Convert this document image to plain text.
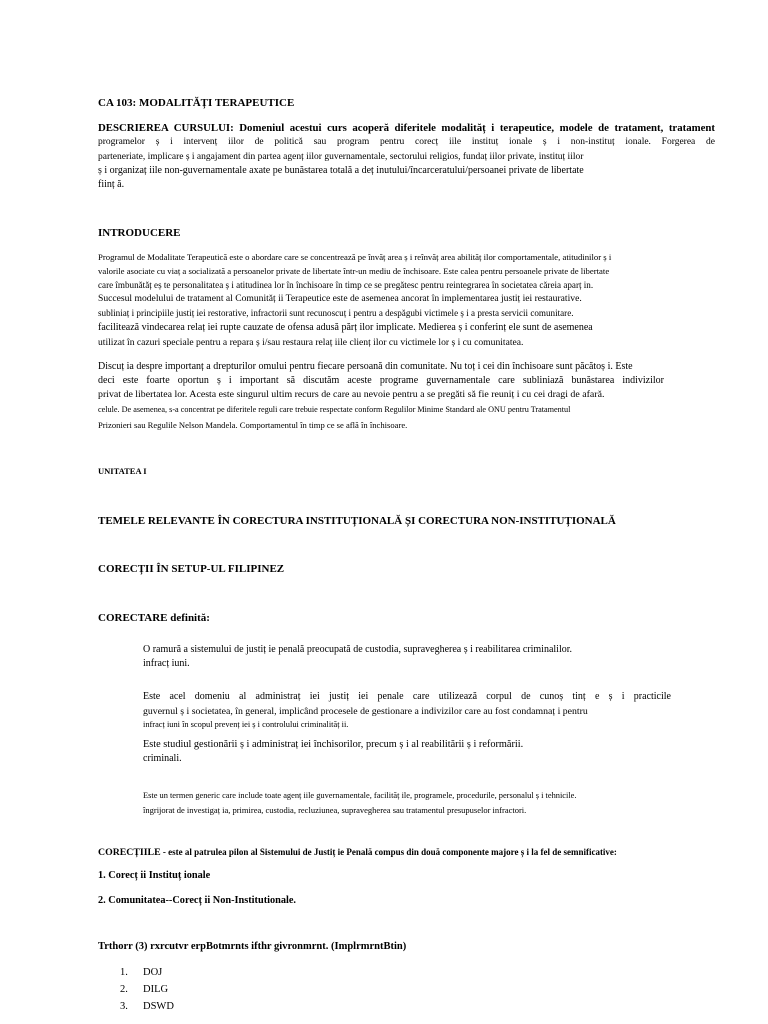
CA 103: MODALITĂȚI TERAPEUTICE
DESCRIEREA CURSULUI: Domeniul acestui curs acoperă diferitele modalităț i terapeutice, modele de tratament, tratament
programelor ș i intervenț iilor de politică sau program pentru corecț iile instituț ionale ș i non-instituț ionale. Forgerea de
parteneriate, implicare ș i angajament din partea agenț iilor guvernamentale, sectorului religios, fundaț iilor private, instituț iilor
ș i organizaț iile non-guvernamentale axate pe bunăstarea totală a deț inutului/încarceratului/persoanei private de libertate
ființ ă.
INTRODUCERE
Programul de Modalitate Terapeutică este o abordare care se concentrează pe învăț area ș i reînvăț area abilităț ilor comportamentale, atitudinilor ș i
valorile asociate cu viaț a socializată a persoanelor private de libertate într-un mediu de închisoare. Este calea pentru persoanele private de libertate
care îmbunătăț eș te personalitatea ș i atitudinea lor în închisoare în timp ce se pregătesc pentru reintegrarea în societatea căreia aparț in.
Succesul modelului de tratament al Comunităț ii Terapeutice este de asemenea ancorat în implementarea justiț iei restaurative.
subliniaț i principiile justiț iei restorative, infractorii sunt recunoscuț i pentru a despăgubi victimele ș i a presta servicii comunitare.
facilitează vindecarea relaț iei rupte cauzate de ofensa adusă părț ilor implicate. Medierea ș i conferinț ele sunt de asemenea
utilizat în cazuri speciale pentru a repara ș i/sau restaura relaț iile clienț ilor cu victimele lor ș i cu comunitatea.
Discuț ia despre importanț a drepturilor omului pentru fiecare persoană din comunitate. Nu toț i cei din închisoare sunt păcătoș i. Este
deci este foarte oportun ș i important să discutăm aceste programe guvernamentale care subliniază bunăstarea indivizilor
privat de libertatea lor. Acesta este singurul ultim recurs de care au nevoie pentru a se pregăti să fie reuniț i cu cei dragi de afară.
celule. De asemenea, s-a concentrat pe diferitele reguli care trebuie respectate conform Regulilor Minime Standard ale ONU pentru Tratamentul
Prizonieri sau Regulile Nelson Mandela. Comportamentul în timp ce se află în închisoare.
UNITATEA I
TEMELE RELEVANTE ÎN CORECTURA INSTITUȚIONALĂ ȘI CORECTURA NON-INSTITUȚIONALĂ
CORECȚII ÎN SETUP-UL FILIPINEZ
CORECTARE definită:
O ramură a sistemului de justiț ie penală preocupată de custodia, supravegherea ș i reabilitarea criminalilor.
infracț iuni.
Este acel domeniu al administraț iei justiț iei penale care utilizează corpul de cunoș tinț e ș i practicile
guvernul ș i societatea, în general, implicând procesele de gestionare a indivizilor care au fost condamnaț i pentru
infracț iuni în scopul prevenț iei ș i controlului criminalităț ii.
Este studiul gestionării ș i administraț iei închisorilor, precum ș i al reabilitării ș i reformării.
criminali.
Este un termen generic care include toate agenț iile guvernamentale, facilităț ile, programele, procedurile, personalul ș i tehnicile.
îngrijorat de investigaț ia, primirea, custodia, recluziunea, supravegherea sau tratamentul presupuselor infractori.
CORECȚIILE - este al patrulea pilon al Sistemului de Justiț ie Penală compus din două componente majore ș i la fel de semnificative:
1. Corecț ii Instituț ionale
2. Comunitatea--Corecț ii Non-Institutionale.
Trthorr (3) rxrcutvr erpBotmrnts ifthr givronmrnt. (ImplrmrntBtin)
1. DOJ
2. DILG
3. DSWD
